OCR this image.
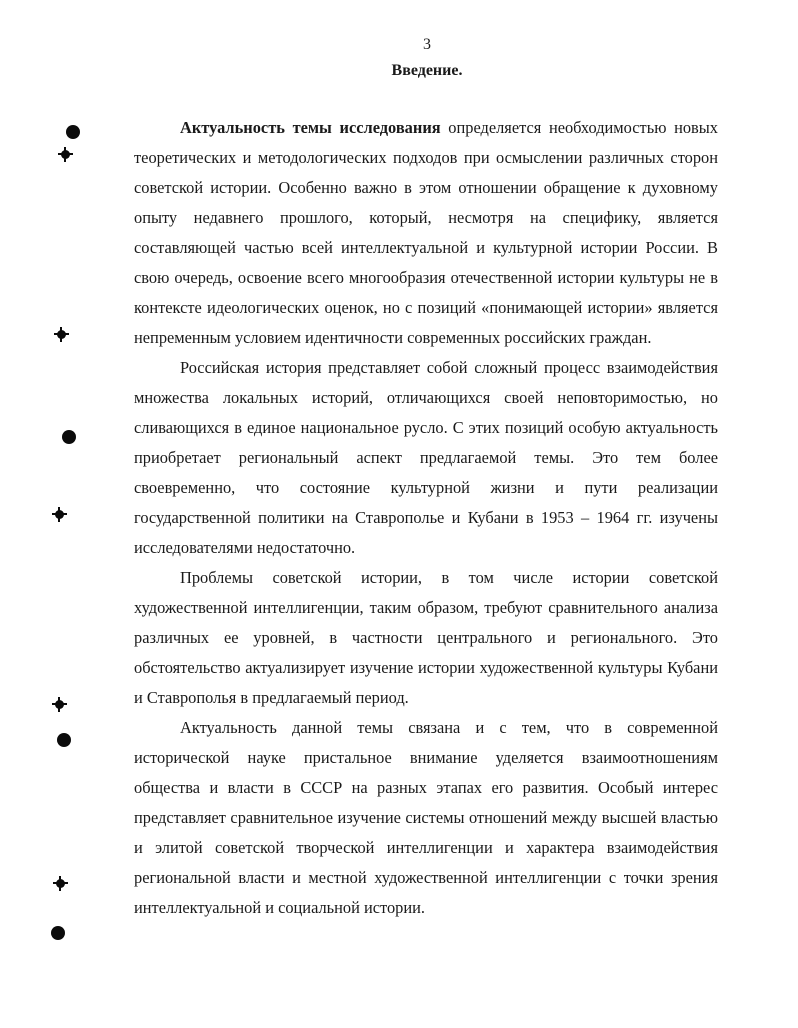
3
Введение.

Актуальность темы исследования определяется необходимостью новых теоретических и методологических подходов при осмыслении различных сторон советской истории. Особенно важно в этом отношении обращение к духовному опыту недавнего прошлого, который, несмотря на специфику, является составляющей частью всей интеллектуальной и культурной истории России. В свою очередь, освоение всего многообразия отечественной истории культуры не в контексте идеологических оценок, но с позиций «понимающей истории» является непременным условием идентичности современных российских граждан.

Российская история представляет собой сложный процесс взаимодействия множества локальных историй, отличающихся своей неповторимостью, но сливающихся в единое национальное русло. С этих позиций особую актуальность приобретает региональный аспект предлагаемой темы. Это тем более своевременно, что состояние культурной жизни и пути реализации государственной политики на Ставрополье и Кубани в 1953 – 1964 гг. изучены исследователями недостаточно.

Проблемы советской истории, в том числе истории советской художественной интеллигенции, таким образом, требуют сравнительного анализа различных ее уровней, в частности центрального и регионального. Это обстоятельство актуализирует изучение истории художественной культуры Кубани и Ставрополья в предлагаемый период.

Актуальность данной темы связана и с тем, что в современной исторической науке пристальное внимание уделяется взаимоотношениям общества и власти в СССР на разных этапах его развития. Особый интерес представляет сравнительное изучение системы отношений между высшей властью и элитой советской творческой интеллигенции и характера взаимодействия региональной власти и местной художественной интеллигенции с точки зрения интеллектуальной и социальной истории.
